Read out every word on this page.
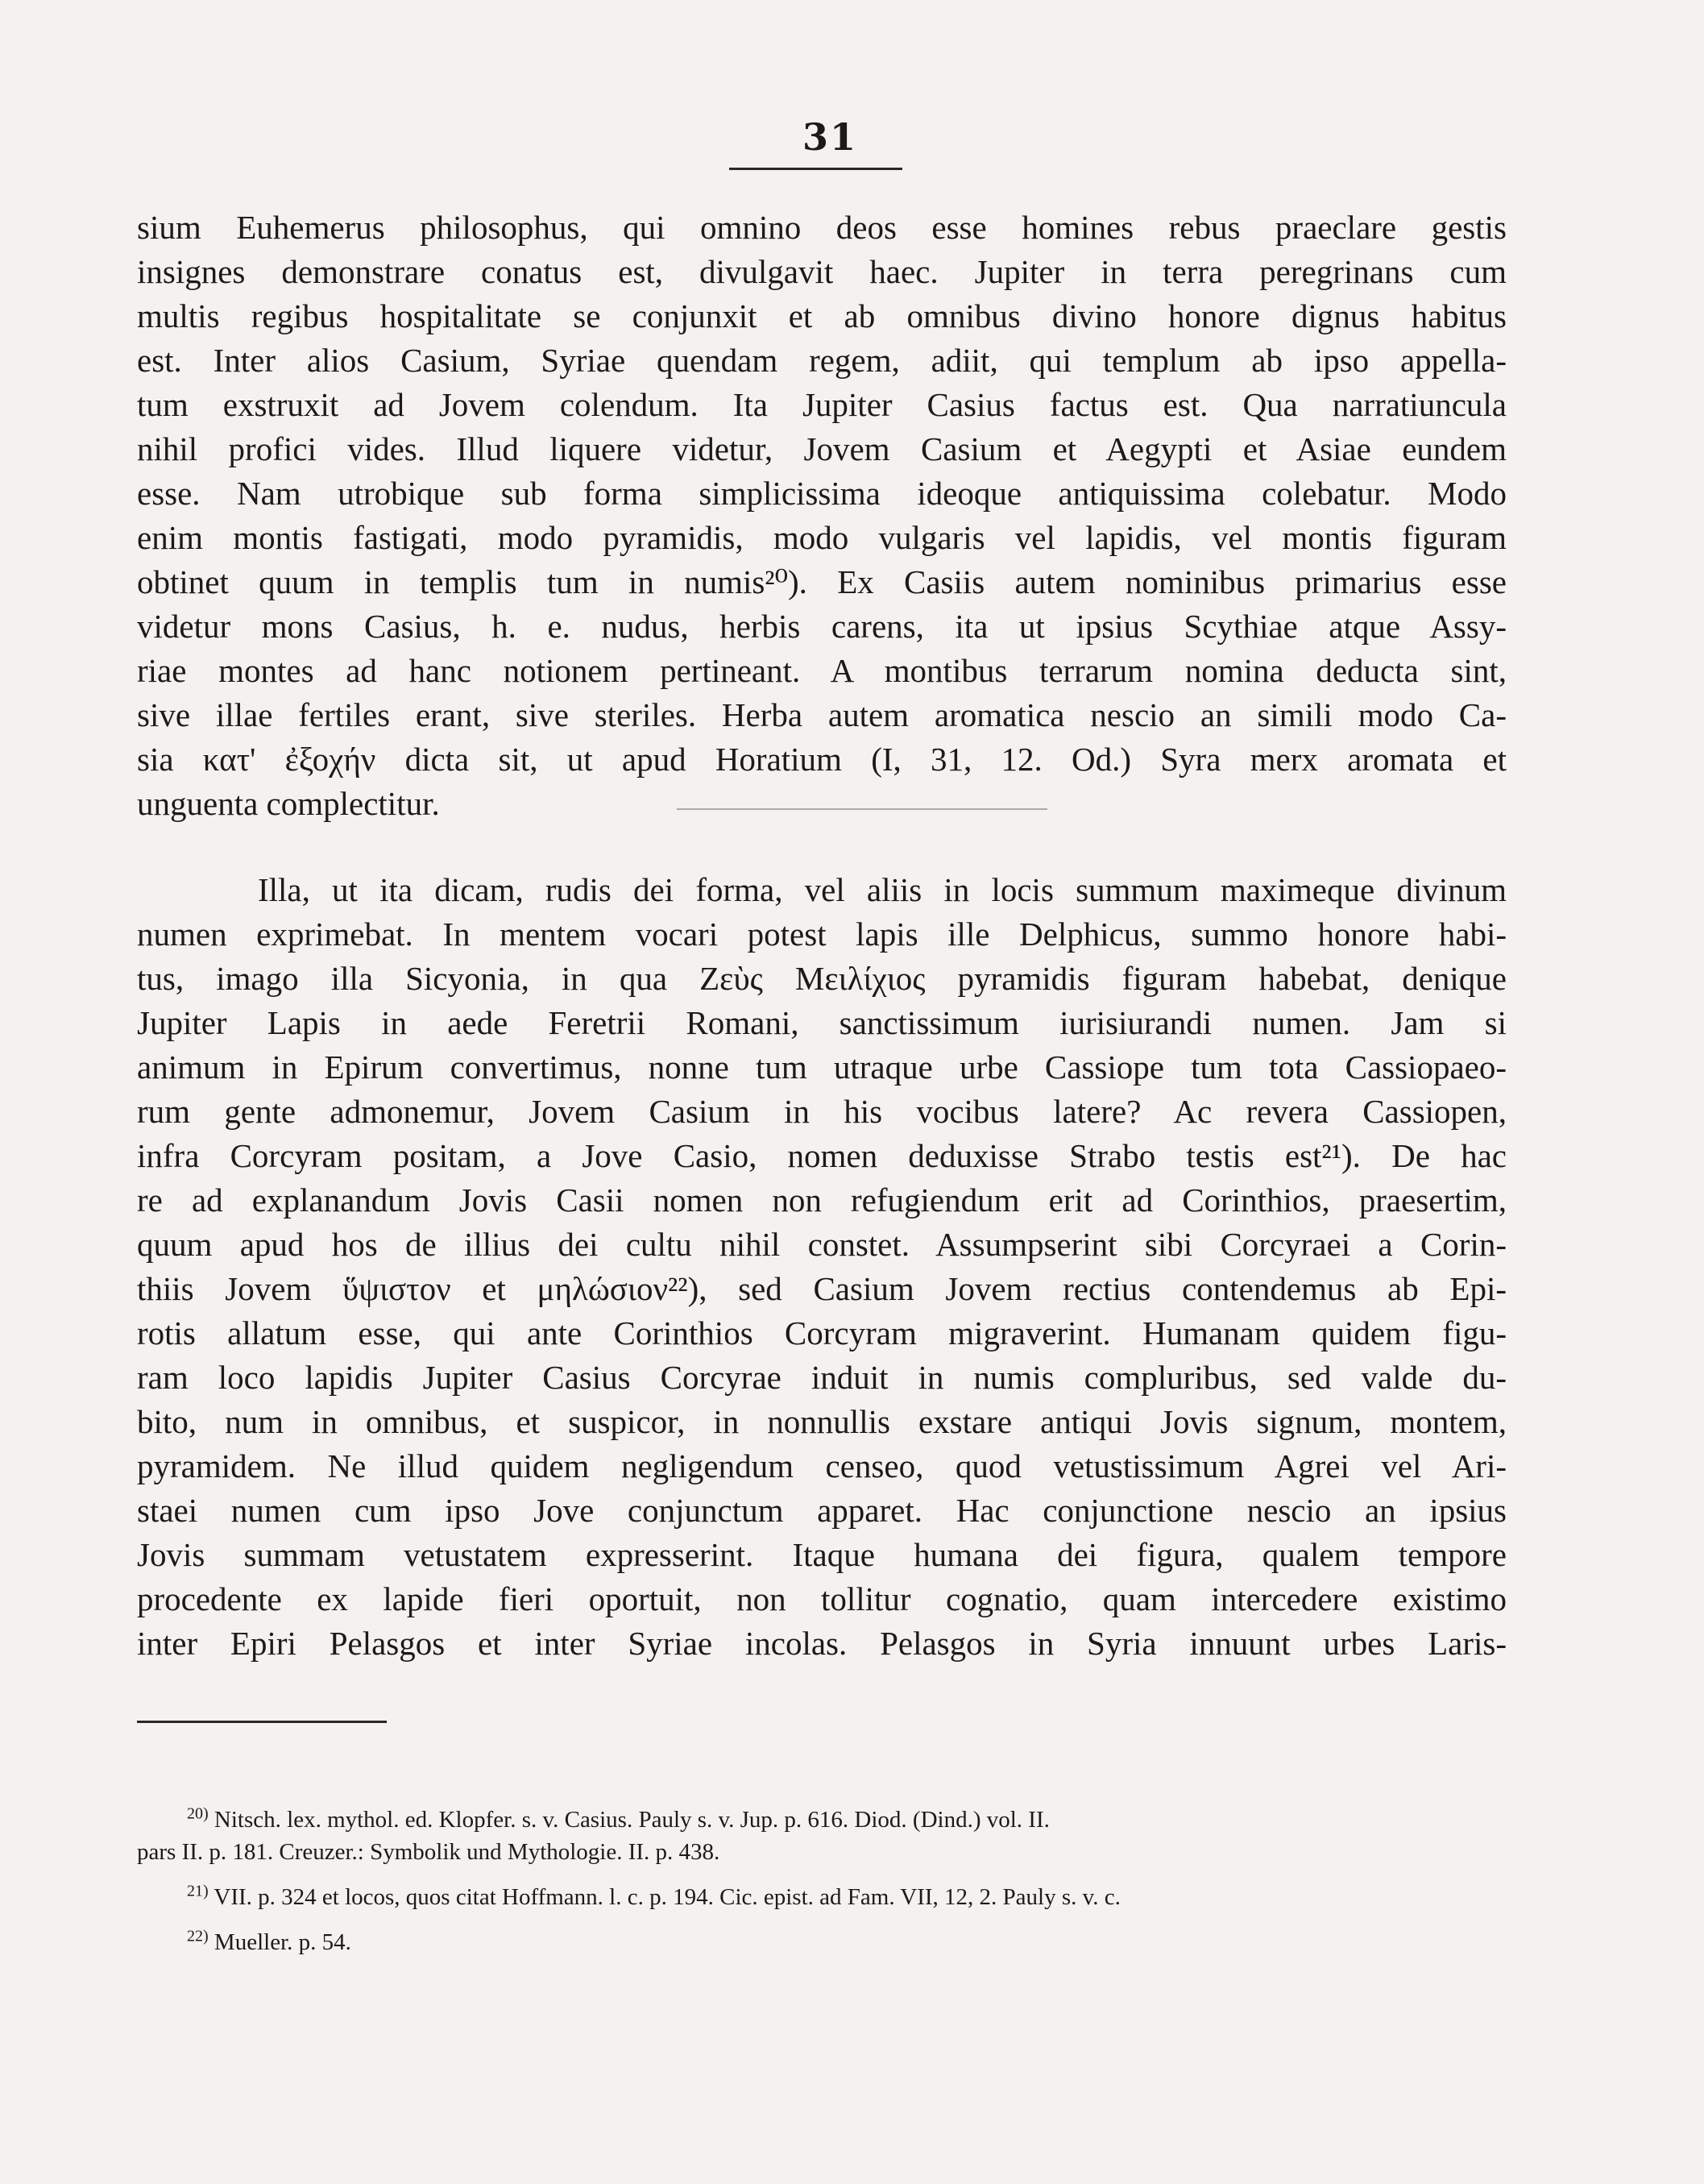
31
sium Euhemerus philosophus, qui omnino deos esse homines rebus praeclare gestis
insignes demonstrare conatus est, divulgavit haec. Jupiter in terra peregrinans cum
multis regibus hospitalitate se conjunxit et ab omnibus divino honore dignus habitus
est. Inter alios Casium, Syriae quendam regem, adiit, qui templum ab ipso appella-
tum exstruxit ad Jovem colendum. Ita Jupiter Casius factus est. Qua narratiuncula
nihil profici vides. Illud liquere videtur, Jovem Casium et Aegypti et Asiae eundem
esse. Nam utrobique sub forma simplicissima ideoque antiquissima colebatur. Modo
enim montis fastigati, modo pyramidis, modo vulgaris vel lapidis, vel montis figuram
obtinet quum in templis tum in numis²⁰). Ex Casiis autem nominibus primarius esse
videtur mons Casius, h. e. nudus, herbis carens, ita ut ipsius Scythiae atque Assy-
riae montes ad hanc notionem pertineant. A montibus terrarum nomina deducta sint,
sive illae fertiles erant, sive steriles. Herba autem aromatica nescio an simili modo Ca-
sia κατ' ἐξοχήν dicta sit, ut apud Horatium (I, 31, 12. Od.) Syra merx aromata et
unguenta complectitur.
Illa, ut ita dicam, rudis dei forma, vel aliis in locis summum maximeque divinum
numen exprimebat. In mentem vocari potest lapis ille Delphicus, summo honore habi-
tus, imago illa Sicyonia, in qua Ζεὺς Μειλίχιος pyramidis figuram habebat, denique
Jupiter Lapis in aede Feretrii Romani, sanctissimum iurisiurandi numen. Jam si
animum in Epirum convertimus, nonne tum utraque urbe Cassiope tum tota Cassiopaeo-
rum gente admonemur, Jovem Casium in his vocibus latere? Ac revera Cassiopen,
infra Corcyram positam, a Jove Casio, nomen deduxisse Strabo testis est²¹). De hac
re ad explanandum Jovis Casii nomen non refugiendum erit ad Corinthios, praesertim,
quum apud hos de illius dei cultu nihil constet. Assumpserint sibi Corcyraei a Corin-
thiis Jovem ὕψιστον et μηλώσιον²²), sed Casium Jovem rectius contendemus ab Epi-
rotis allatum esse, qui ante Corinthios Corcyram migraverint. Humanam quidem figu-
ram loco lapidis Jupiter Casius Corcyrae induit in numis compluribus, sed valde du-
bito, num in omnibus, et suspicor, in nonnullis exstare antiqui Jovis signum, montem,
pyramidem. Ne illud quidem negligendum censeo, quod vetustissimum Agrei vel Ari-
staei numen cum ipso Jove conjunctum apparet. Hac conjunctione nescio an ipsius
Jovis summam vetustatem expresserint. Itaque humana dei figura, qualem tempore
procedente ex lapide fieri oportuit, non tollitur cognatio, quam intercedere existimo
inter Epiri Pelasgos et inter Syriae incolas. Pelasgos in Syria innuunt urbes Laris-
$^{20)}$ Nitsch. lex. mythol. ed. Klopfer. s. v. Casius. Pauly s. v. Jup. p. 616. Diod. (Dind.) vol. II.
pars II. p. 181. Creuzer.: Symbolik und Mythologie. II. p. 438.
$^{21)}$ VII. p. 324 et locos, quos citat Hoffmann. l. c. p. 194. Cic. epist. ad Fam. VII, 12, 2. Pauly s. v. c.
$^{22)}$ Mueller. p. 54.
